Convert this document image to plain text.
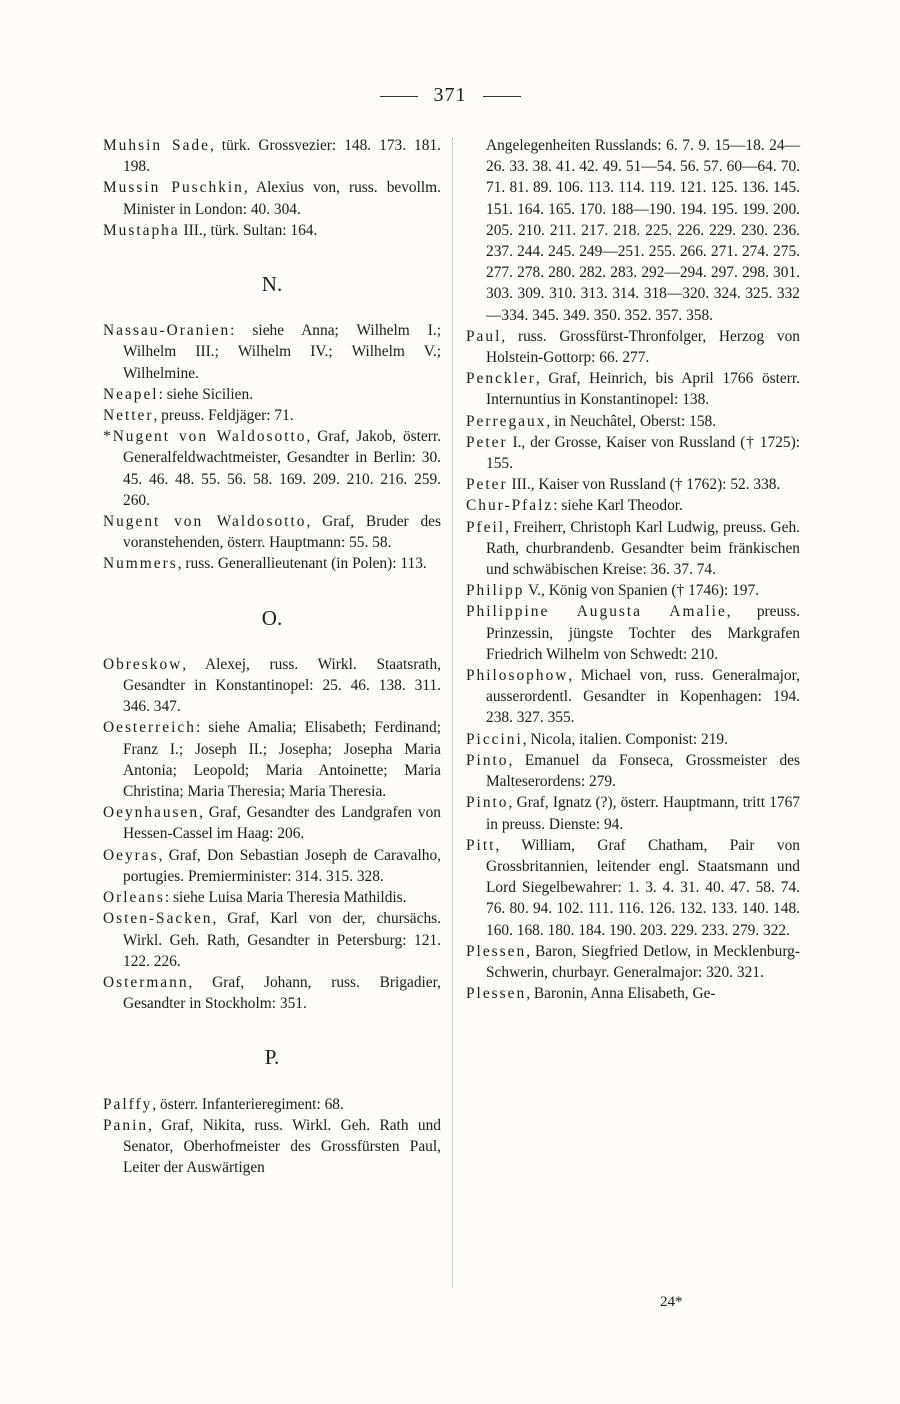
371

Muhsin Sade, türk. Grossvezier: 148. 173. 181. 198.

Mussin Puschkin, Alexius von, russ. bevollm. Minister in London: 40. 304.

Mustapha III., türk. Sultan: 164.

N.

Nassau-Oranien: siehe Anna; Wilhelm I.; Wilhelm III.; Wilhelm IV.; Wilhelm V.; Wilhelmine.

Neapel: siehe Sicilien.

Netter, preuss. Feldjäger: 71.

*Nugent von Waldosotto, Graf, Jakob, österr. Generalfeldwachtmeister, Gesandter in Berlin: 30. 45. 46. 48. 55. 56. 58. 169. 209. 210. 216. 259. 260.

Nugent von Waldosotto, Graf, Bruder des voranstehenden, österr. Hauptmann: 55. 58.

Nummers, russ. Generallieutenant (in Polen): 113.

O.

Obreskow, Alexej, russ. Wirkl. Staatsrath, Gesandter in Konstantinopel: 25. 46. 138. 311. 346. 347.

Oesterreich: siehe Amalia; Elisabeth; Ferdinand; Franz I.; Joseph II.; Josepha; Josepha Maria Antonia; Leopold; Maria Antoinette; Maria Christina; Maria Theresia; Maria Theresia.

Oeynhausen, Graf, Gesandter des Landgrafen von Hessen-Cassel im Haag: 206.

Oeyras, Graf, Don Sebastian Joseph de Caravalho, portugies. Premierminister: 314. 315. 328.

Orleans: siehe Luisa Maria Theresia Mathildis.

Osten-Sacken, Graf, Karl von der, chursächs. Wirkl. Geh. Rath, Gesandter in Petersburg: 121. 122. 226.

Ostermann, Graf, Johann, russ. Brigadier, Gesandter in Stockholm: 351.

P.

Palffy, österr. Infanterieregiment: 68.

Panin, Graf, Nikita, russ. Wirkl. Geh. Rath und Senator, Oberhofmeister des Grossfürsten Paul, Leiter der Auswärtigen

Angelegenheiten Russlands: 6. 7. 9. 15—18. 24—26. 33. 38. 41. 42. 49. 51—54. 56. 57. 60—64. 70. 71. 81. 89. 106. 113. 114. 119. 121. 125. 136. 145. 151. 164. 165. 170. 188—190. 194. 195. 199. 200. 205. 210. 211. 217. 218. 225. 226. 229. 230. 236. 237. 244. 245. 249—251. 255. 266. 271. 274. 275. 277. 278. 280. 282. 283. 292—294. 297. 298. 301. 303. 309. 310. 313. 314. 318—320. 324. 325. 332—334. 345. 349. 350. 352. 357. 358.

Paul, russ. Grossfürst-Thronfolger, Herzog von Holstein-Gottorp: 66. 277.

Penckler, Graf, Heinrich, bis April 1766 österr. Internuntius in Konstantinopel: 138.

Perregaux, in Neuchâtel, Oberst: 158.

Peter I., der Grosse, Kaiser von Russland († 1725): 155.

Peter III., Kaiser von Russland († 1762): 52. 338.

Chur-Pfalz: siehe Karl Theodor.

Pfeil, Freiherr, Christoph Karl Ludwig, preuss. Geh. Rath, churbrandenb. Gesandter beim fränkischen und schwäbischen Kreise: 36. 37. 74.

Philipp V., König von Spanien († 1746): 197.

Philippine Augusta Amalie, preuss. Prinzessin, jüngste Tochter des Markgrafen Friedrich Wilhelm von Schwedt: 210.

Philosophow, Michael von, russ. Generalmajor, ausserordentl. Gesandter in Kopenhagen: 194. 238. 327. 355.

Piccini, Nicola, italien. Componist: 219.

Pinto, Emanuel da Fonseca, Grossmeister des Malteserordens: 279.

Pinto, Graf, Ignatz (?), österr. Hauptmann, tritt 1767 in preuss. Dienste: 94.

Pitt, William, Graf Chatham, Pair von Grossbritannien, leitender engl. Staatsmann und Lord Siegelbewahrer: 1. 3. 4. 31. 40. 47. 58. 74. 76. 80. 94. 102. 111. 116. 126. 132. 133. 140. 148. 160. 168. 180. 184. 190. 203. 229. 233. 279. 322.

Plessen, Baron, Siegfried Detlow, in Mecklenburg-Schwerin, churbayr. Generalmajor: 320. 321.

Plessen, Baronin, Anna Elisabeth, Ge-

24*
